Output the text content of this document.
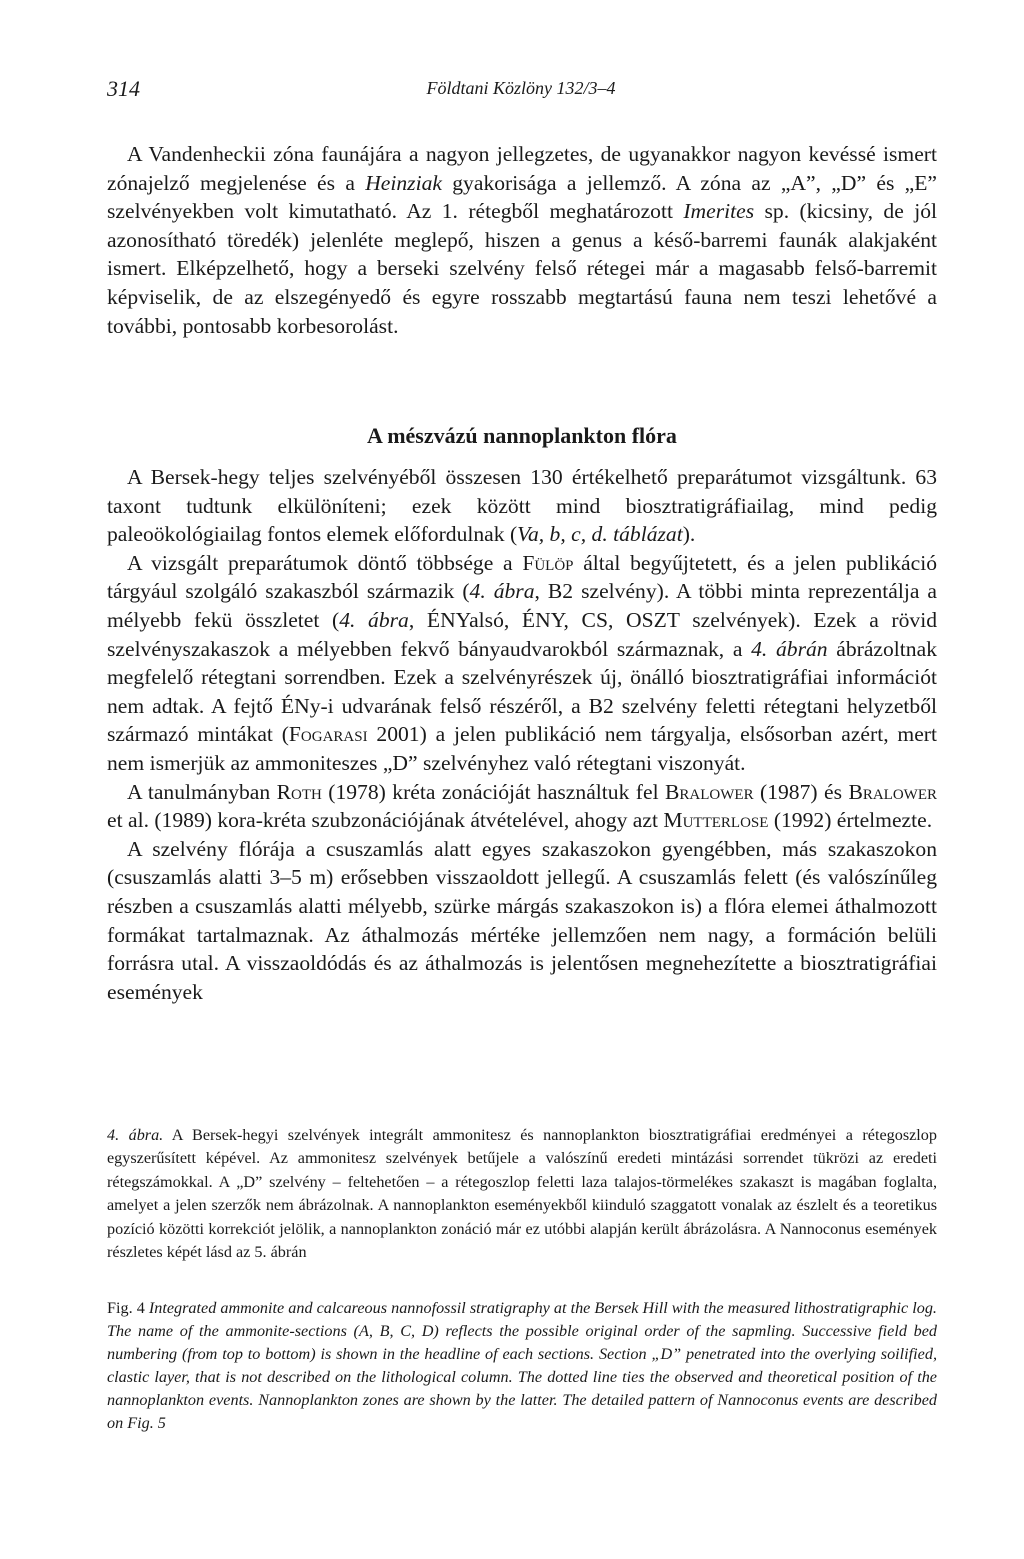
314	Földtani Közlöny 132/3–4

A Vandenheckii zóna faunájára a nagyon jellegzetes, de ugyanakkor nagyon kevéssé ismert zónajelző megjelenése és a Heinziak gyakorisága a jellemző. A zóna az „A”, „D” és „E” szelvényekben volt kimutatható. Az 1. rétegből meghatározott Imerites sp. (kicsiny, de jól azonosítható töredék) jelenléte meglepő, hiszen a genus a késő-barremi faunák alakjaként ismert. Elképzelhető, hogy a berseki szelvény felső rétegei már a magasabb felső-barremit képviselik, de az elszegényedő és egyre rosszabb megtartású fauna nem teszi lehetővé a további, pontosabb korbesorolást.

A mészvázú nannoplankton flóra

A Bersek-hegy teljes szelvényéből összesen 130 értékelhető preparátumot vizsgáltunk. 63 taxont tudtunk elkülöníteni; ezek között mind biosztratigráfiailag, mind pedig paleoökológiailag fontos elemek előfordulnak (Va, b, c, d. táblázat).

A vizsgált preparátumok döntő többsége a Fülöp által begyűjtetett, és a jelen publikáció tárgyául szolgáló szakaszból származik (4. ábra, B2 szelvény). A többi minta reprezentálja a mélyebb fekü összletet (4. ábra, ÉNYalsó, ÉNY, CS, OSZT szelvények). Ezek a rövid szelvényszakaszok a mélyebben fekvő bányaudvarokból származnak, a 4. ábrán ábrázoltnak megfelelő rétegtani sorrendben. Ezek a szelvényrészek új, önálló biosztratigráfiai információt nem adtak. A fejtő ÉNy-i udvarának felső részéről, a B2 szelvény feletti rétegtani helyzetből származó mintákat (Fogarasi 2001) a jelen publikáció nem tárgyalja, elsősorban azért, mert nem ismerjük az ammoniteszes „D” szelvényhez való rétegtani viszonyát.

A tanulmányban Roth (1978) kréta zonációját használtuk fel Bralower (1987) és Bralower et al. (1989) kora-kréta szubzonációjának átvételével, ahogy azt Mutterlose (1992) értelmezte.

A szelvény flórája a csuszamlás alatt egyes szakaszokon gyengébben, más szakaszokon (csuszamlás alatti 3–5 m) erősebben visszaoldott jellegű. A csuszamlás felett (és valószínűleg részben a csuszamlás alatti mélyebb, szürke márgás szakaszokon is) a flóra elemei áthalmozott formákat tartalmaznak. Az áthalmozás mértéke jellemzően nem nagy, a formáción belüli forrásra utal. A visszaoldódás és az áthalmozás is jelentősen megnehezítette a biosztratigráfiai események

4. ábra. A Bersek-hegyi szelvények integrált ammonitesz és nannoplankton biosztratigráfiai eredményei a rétegoszlop egyszerűsített képével. Az ammonitesz szelvények betűjele a valószínű eredeti mintázási sorrendet tükrözi az eredeti rétegszámokkal. A „D” szelvény – feltehetően – a rétegoszlop feletti laza talajos-törmelékes szakaszt is magában foglalta, amelyet a jelen szerzők nem ábrázolnak. A nannoplankton eseményekből kiinduló szaggatott vonalak az észlelt és a teoretikus pozíció közötti korrekciót jelölik, a nannoplankton zonáció már ez utóbbi alapján került ábrázolásra. A Nannoconus események részletes képét lásd az 5. ábrán

Fig. 4 Integrated ammonite and calcareous nannofossil stratigraphy at the Bersek Hill with the measured lithostratigraphic log. The name of the ammonite-sections (A, B, C, D) reflects the possible original order of the sapmling. Successive field bed numbering (from top to bottom) is shown in the headline of each sections. Section „D” penetrated into the overlying soilified, clastic layer, that is not described on the lithological column. The dotted line ties the observed and theoretical position of the nannoplankton events. Nannoplankton zones are shown by the latter. The detailed pattern of Nannoconus events are described on Fig. 5
